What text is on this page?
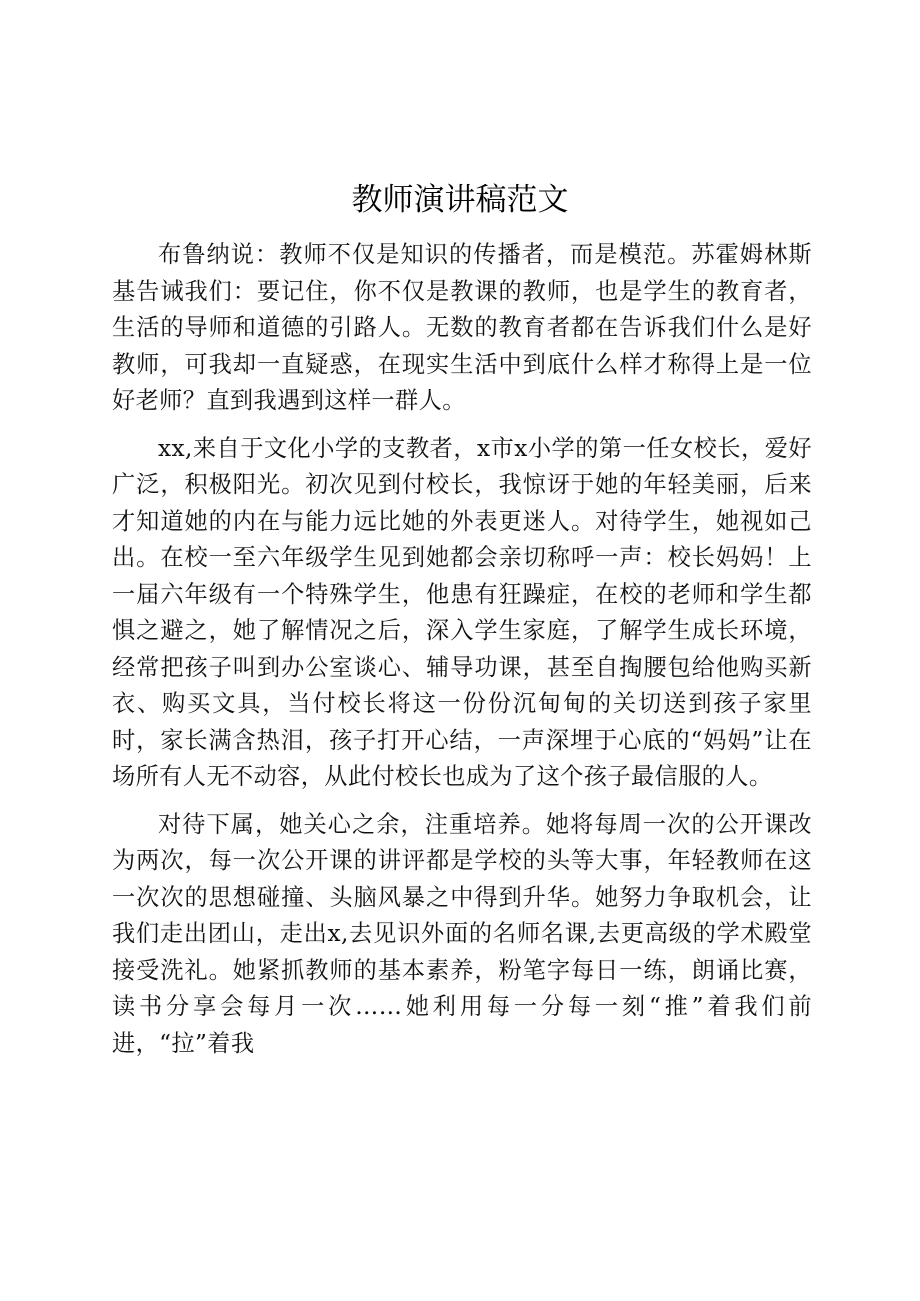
教师演讲稿范文

布鲁纳说：教师不仅是知识的传播者，而是模范。苏霍姆林斯基告诫我们：要记住，你不仅是教课的教师，也是学生的教育者，生活的导师和道德的引路人。无数的教育者都在告诉我们什么是好教师，可我却一直疑惑，在现实生活中到底什么样才称得上是一位好老师？直到我遇到这样一群人。

xx,来自于文化小学的支教者，x市x小学的第一任女校长，爱好广泛，积极阳光。初次见到付校长，我惊讶于她的年轻美丽，后来才知道她的内在与能力远比她的外表更迷人。对待学生，她视如己出。在校一至六年级学生见到她都会亲切称呼一声：校长妈妈！上一届六年级有一个特殊学生，他患有狂躁症，在校的老师和学生都惧之避之，她了解情况之后，深入学生家庭，了解学生成长环境，经常把孩子叫到办公室谈心、辅导功课，甚至自掏腰包给他购买新衣、购买文具，当付校长将这一份份沉甸甸的关切送到孩子家里时，家长满含热泪，孩子打开心结，一声深埋于心底的“妈妈”让在场所有人无不动容，从此付校长也成为了这个孩子最信服的人。

对待下属，她关心之余，注重培养。她将每周一次的公开课改为两次，每一次公开课的讲评都是学校的头等大事，年轻教师在这一次次的思想碰撞、头脑风暴之中得到升华。她努力争取机会，让我们走出团山，走出x,去见识外面的名师名课,去更高级的学术殿堂接受洗礼。她紧抓教师的基本素养，粉笔字每日一练，朗诵比赛，读书分享会每月一次……她利用每一分每一刻“推”着我们前进，“拉”着我
